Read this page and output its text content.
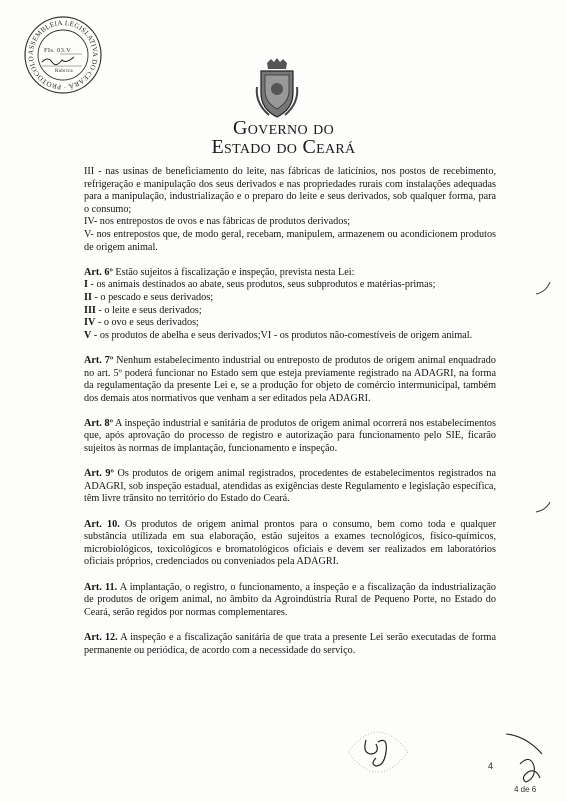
ASSEMBLEIA LEGISLATIVA DO CEARÁ · PROTOCOLO
FIs. 03.V
Rubrica
Governo do
Estado do Ceará

III - nas usinas de beneficiamento do leite, nas fábricas de laticínios, nos postos de recebimento, refrigeração e manipulação dos seus derivados e nas propriedades rurais com instalações adequadas para a manipulação, industrialização e o preparo do leite e seus derivados, sob qualquer forma, para o consumo;

IV- nos entrepostos de ovos e nas fábricas de produtos derivados;

V- nos entrepostos que, de modo geral, recebam, manipulem, armazenem ou acondicionem produtos de origem animal.

Art. 6º Estão sujeitos à fiscalização e inspeção, prevista nesta Lei:

I - os animais destinados ao abate, seus produtos, seus subprodutos e matérias-primas;

II - o pescado e seus derivados;

III - o leite e seus derivados;

IV - o ovo e seus derivados;

V - os produtos de abelha e seus derivados;VI - os produtos não-comestíveis de origem animal.

Art. 7º Nenhum estabelecimento industrial ou entreposto de produtos de origem animal enquadrado no art. 5º poderá funcionar no Estado sem que esteja previamente registrado na ADAGRI, na forma da regulamentação da presente Lei e, se a produção for objeto de comércio intermunicipal, também dos demais atos normativos que venham a ser editados pela ADAGRI.

Art. 8º A inspeção industrial e sanitária de produtos de origem animal ocorrerá nos estabelecimentos que, após aprovação do processo de registro e autorização para funcionamento pelo SIE, ficarão sujeitos às normas de implantação, funcionamento e inspeção.

Art. 9º Os produtos de origem animal registrados, procedentes de estabelecimentos registrados na ADAGRI, sob inspeção estadual, atendidas as exigências deste Regulamento e legislação específica, têm livre trânsito no território do Estado do Ceará.

Art. 10. Os produtos de origem animal prontos para o consumo, bem como toda e qualquer substância utilizada em sua elaboração, estão sujeitos a exames tecnológicos, físico-químicos, microbiológicos, toxicológicos e bromatológicos oficiais e devem ser realizados em laboratórios oficiais próprios, credenciados ou conveniados pela ADAGRI.

Art. 11. A implantação, o registro, o funcionamento, a inspeção e a fiscalização da industrialização de produtos de origem animal, no âmbito da Agroindústria Rural de Pequeno Porte, no Estado do Ceará, serão regidos por normas complementares.

Art. 12. A inspeção e a fiscalização sanitária de que trata a presente Lei serão executadas de forma permanente ou periódica, de acordo com a necessidade do serviço.

4
4 de 6
